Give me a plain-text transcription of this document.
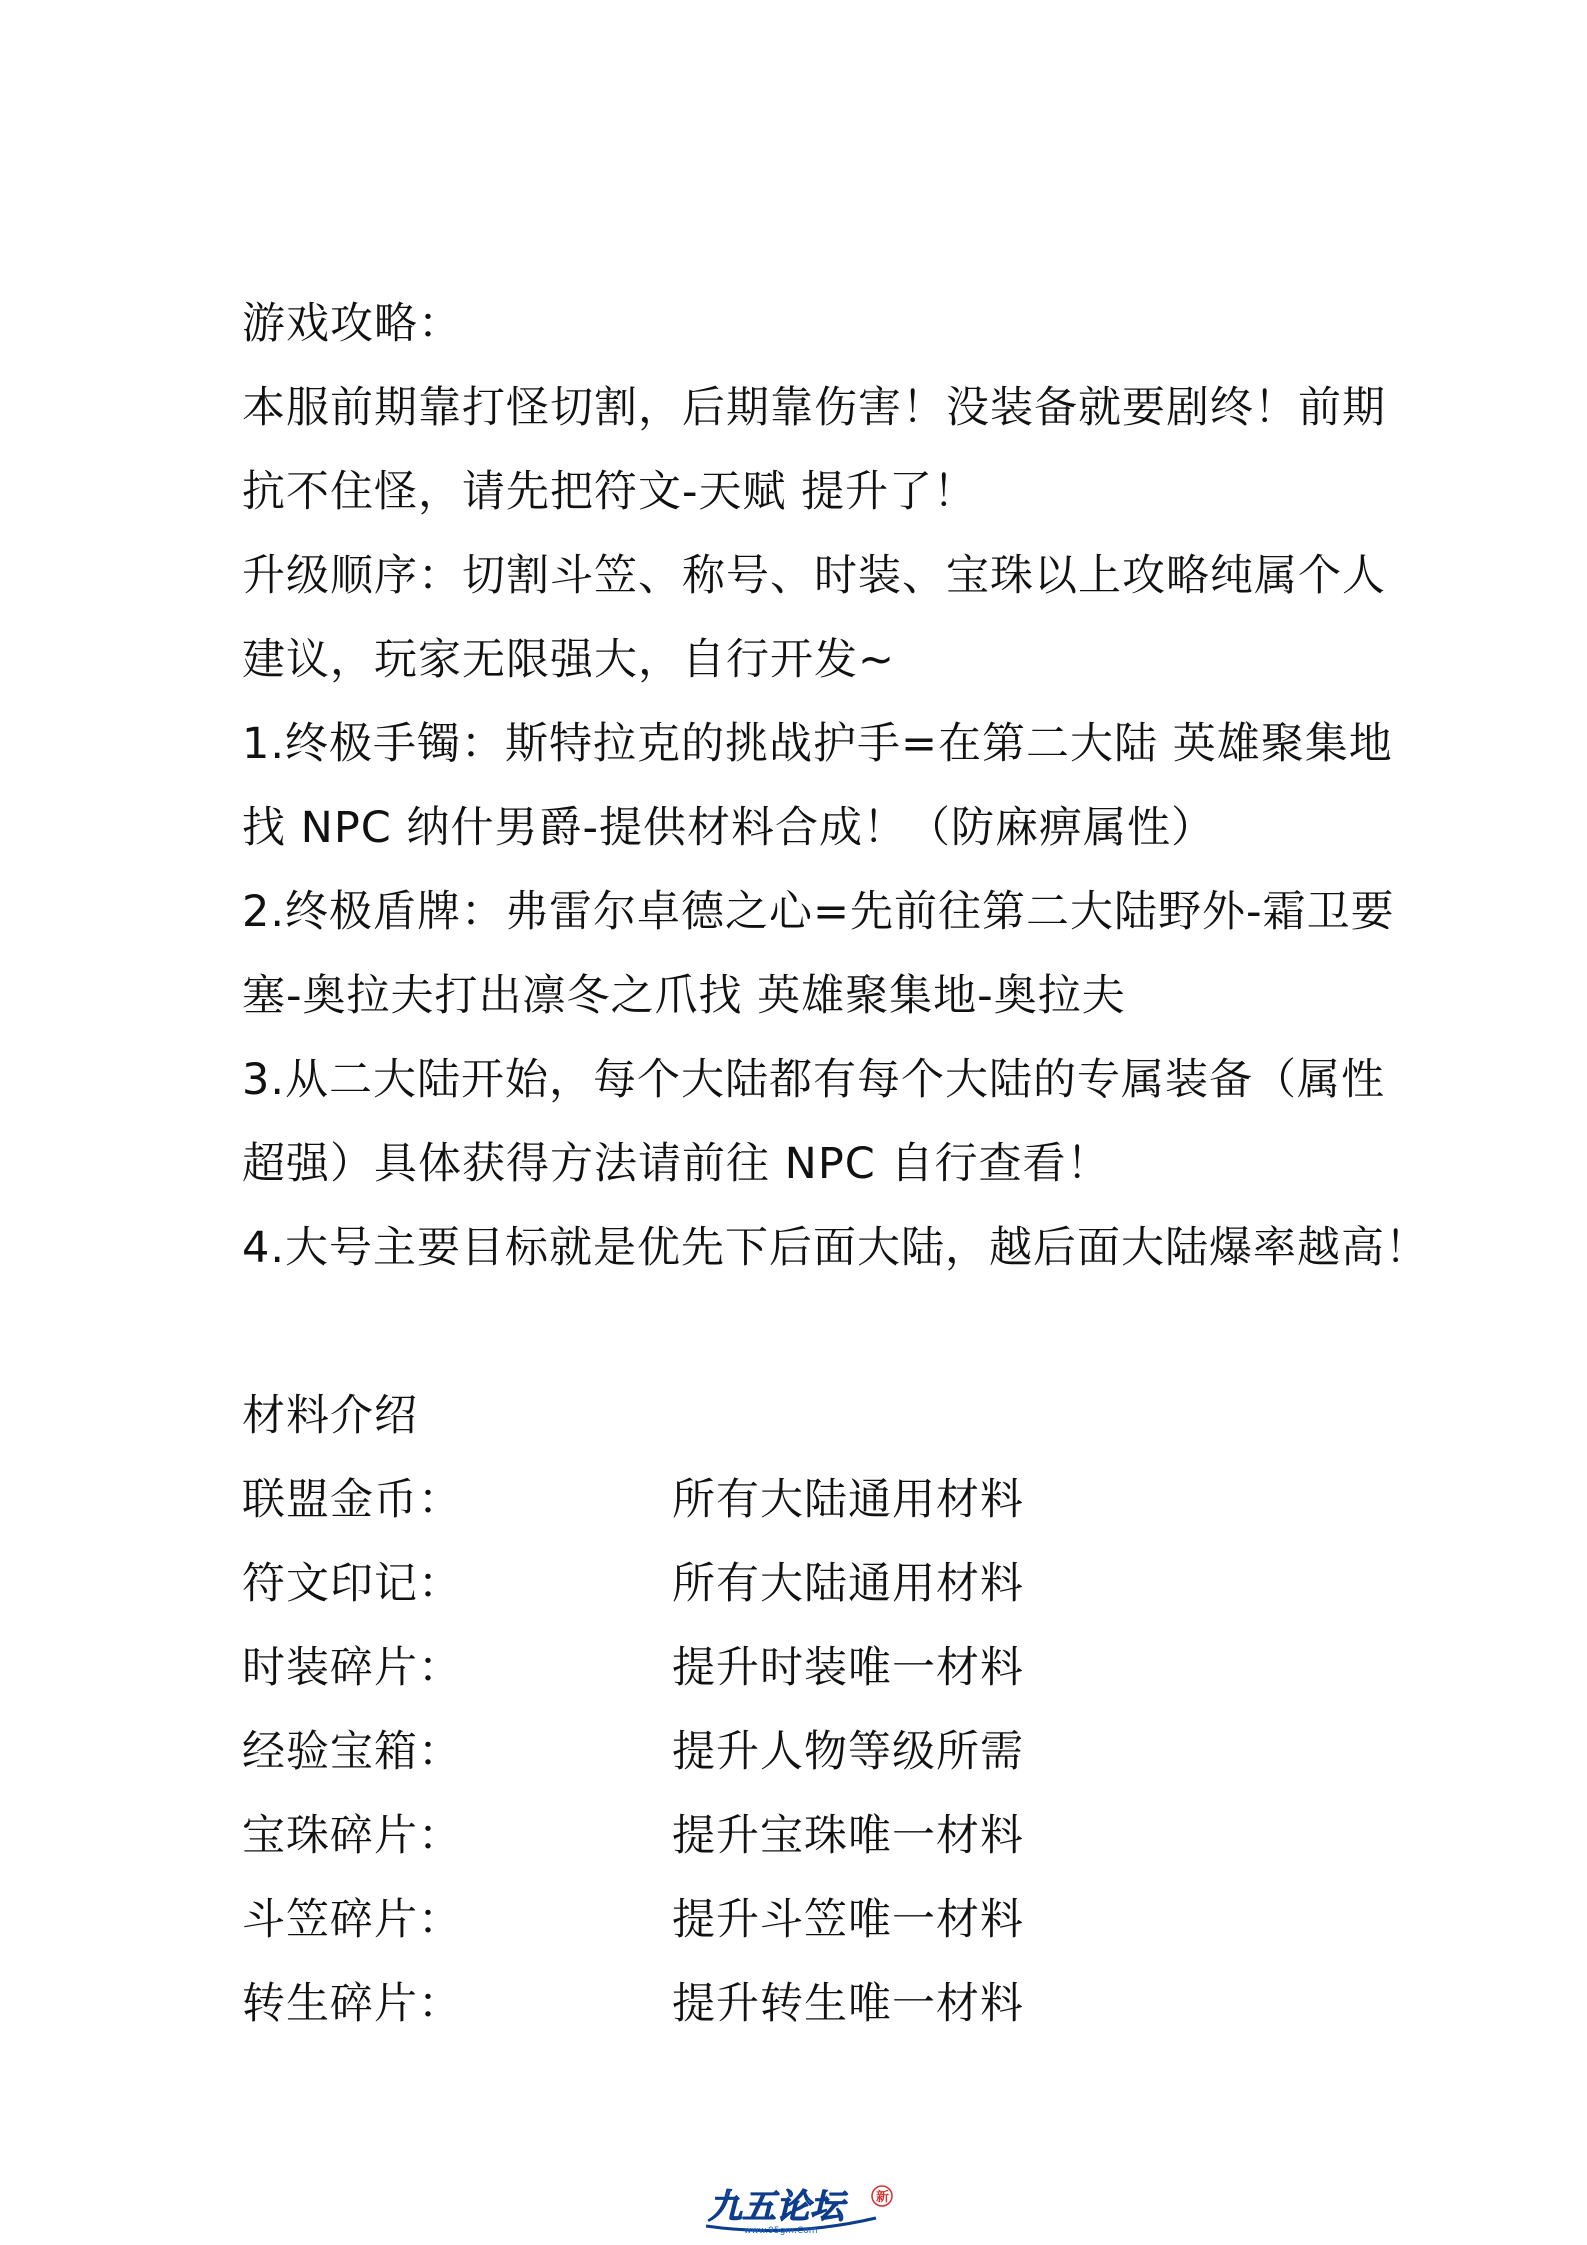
游戏攻略：
本服前期靠打怪切割，后期靠伤害！没装备就要剧终！前期
抗不住怪，请先把符文-天赋 提升了！
升级顺序：切割斗笠、称号、时装、宝珠以上攻略纯属个人
建议，玩家无限强大，自行开发~
1.终极手镯：斯特拉克的挑战护手=在第二大陆 英雄聚集地
找 NPC 纳什男爵-提供材料合成！（防麻痹属性）
2.终极盾牌：弗雷尔卓德之心=先前往第二大陆野外-霜卫要
塞-奥拉夫打出凛冬之爪找 英雄聚集地-奥拉夫
3.从二大陆开始，每个大陆都有每个大陆的专属装备（属性
超强）具体获得方法请前往 NPC 自行查看！
4.大号主要目标就是优先下后面大陆，越后面大陆爆率越高！
材料介绍
联盟金币：	所有大陆通用材料
符文印记：	所有大陆通用材料
时装碎片：	提升时装唯一材料
经验宝箱：	提升人物等级所需
宝珠碎片：	提升宝珠唯一材料
斗笠碎片：	提升斗笠唯一材料
转生碎片：	提升转生唯一材料
九五论坛
www.95gm.Com
新
